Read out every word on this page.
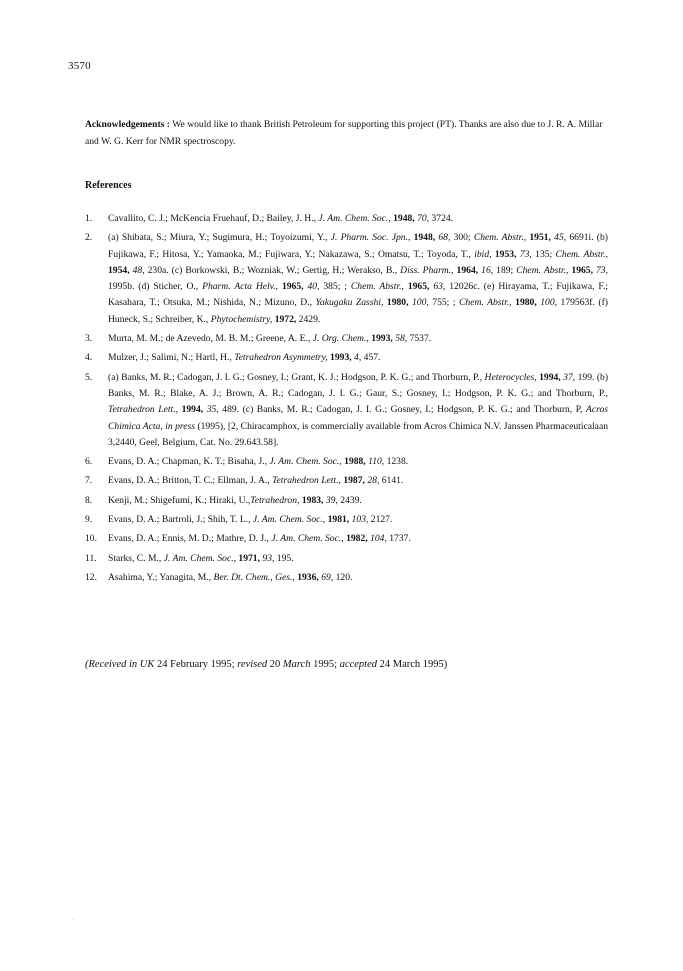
3570
Acknowledgements : We would like to thank British Petroleum for supporting this project (PT). Thanks are also due to J. R. A. Millar and W. G. Kerr for NMR spectroscopy.
References
1. Cavallito, C. J.; McKencia Fruehauf, D.; Bailey, J. H., J. Am. Chem. Soc., 1948, 70, 3724.
2. (a) Shibata, S.; Miura, Y.; Sugimura, H.; Toyoizumi, Y., J. Pharm. Soc. Jpn., 1948, 68, 300; Chem. Abstr., 1951, 45, 6691i. (b) Fujikawa, F.; Hitosa, Y.; Yamaoka, M.; Fujiwara, Y.; Nakazawa, S.; Omatsu, T.; Toyoda, T., ibid, 1953, 73, 135; Chem. Abstr., 1954, 48, 230a. (c) Borkowski, B.; Wozniak, W.; Gertig, H.; Werakso, B., Diss. Pharm., 1964, 16, 189; Chem. Abstr., 1965, 73, 1995b. (d) Sticher, O., Pharm. Acta Helv., 1965, 40, 385; ; Chem. Abstr., 1965, 63, 12026c. (e) Hirayama, T.; Fujikawa, F.; Kasahara, T.; Otsuka, M.; Nishida, N.; Mizuno, D., Yakugaku Zasshi, 1980, 100, 755; ; Chem. Abstr., 1980, 100, 179563f. (f) Huneck, S.; Schreiber, K., Phytochemistry, 1972, 2429.
3. Murta, M. M.; de Azevedo, M. B. M.; Greene, A. E., J. Org. Chem., 1993, 58, 7537.
4. Mulzer, J.; Salimi, N.; Hartl, H., Tetrahedron Asymmetry, 1993, 4, 457.
5. (a) Banks, M. R.; Cadogan, J. I. G.; Gosney, I.; Grant, K. J.; Hodgson, P. K. G.; and Thorburn, P., Heterocycles, 1994, 37, 199. (b) Banks, M. R.; Blake, A. J.; Brown, A. R.; Cadogan, J. I. G.; Gaur, S.; Gosney, I.; Hodgson, P. K. G.; and Thorburn, P., Tetrahedron Lett., 1994, 35, 489. (c) Banks, M. R.; Cadogan, J. I. G.; Gosney, I.; Hodgson, P. K. G.; and Thorburn, P, Acros Chimica Acta, in press (1995), [2, Chiracamphox, is commercially available from Acros Chimica N.V. Janssen Pharmaceuticalaan 3,2440, Geel, Belgium, Cat. No. 29.643.58].
6. Evans, D. A.; Chapman, K. T.; Bisaha, J., J. Am. Chem. Soc., 1988, 110, 1238.
7. Evans, D. A.; Britton, T. C.; Ellman, J. A., Tetrahedron Lett., 1987, 28, 6141.
8. Kenji, M.; Shigefumi, K.; Hiraki, U.,Tetrahedron, 1983, 39, 2439.
9. Evans, D. A.; Bartroli, J.; Shih, T. L., J. Am. Chem. Soc., 1981, 103, 2127.
10. Evans, D. A.; Ennis, M. D.; Mathre, D. J., J. Am. Chem. Soc., 1982, 104, 1737.
11. Starks, C. M., J. Am. Chem. Soc., 1971, 93, 195.
12. Asahima, Y.; Yanagita, M., Ber. Dt. Chem., Ges., 1936, 69, 120.
(Received in UK 24 February 1995; revised 20 March 1995; accepted 24 March 1995)
.
